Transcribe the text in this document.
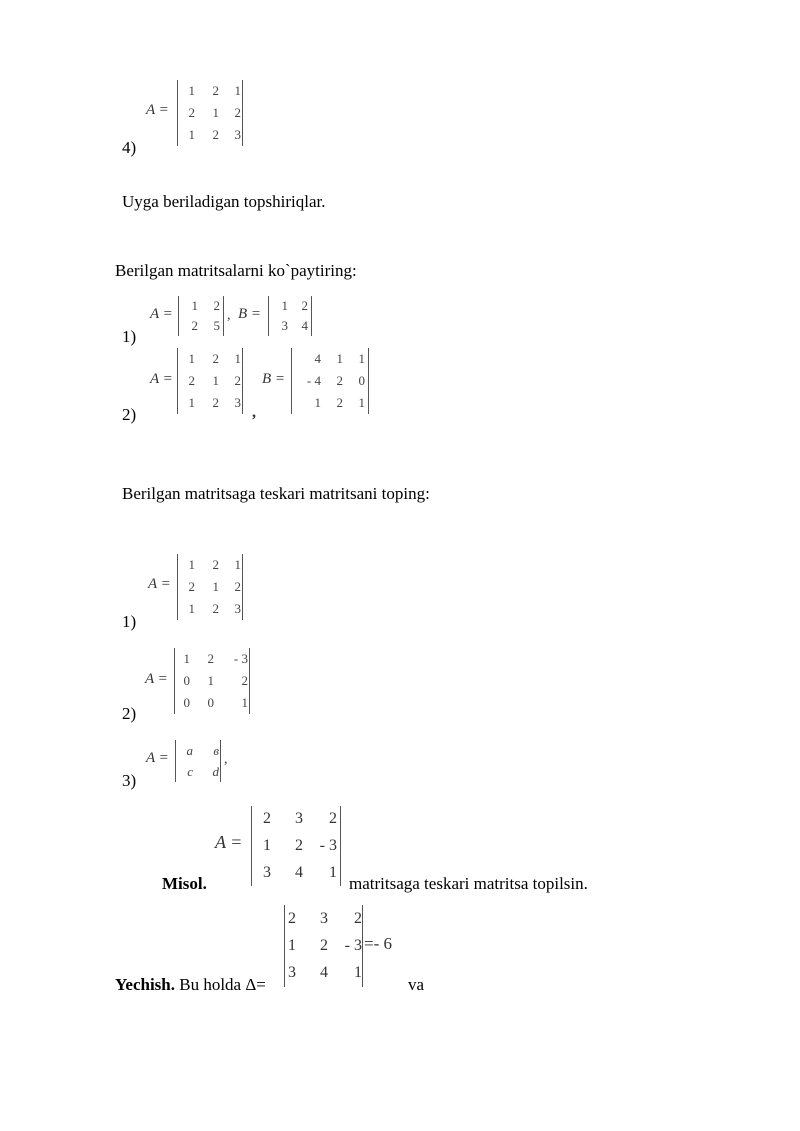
A =
1	2	1
2	1	2
1	2	3
4)
Uyga beriladigan topshiriqlar.
Berilgan matritsalarni ko`paytiring:
A =
1	2
2	5
, B =
1	2
3	4
1)
A =
1	2	1
2	1	2
1	2	3
,
B =
4	1	1
- 4	2	0
1	2	1
2)
Berilgan matritsaga teskari matritsani toping:
A =
1	2	1
2	1	2
1	2	3
1)
A =
1	2	- 3
0	1	2
0	0	1
2)
A =	a	в
c	d
,
3)
A =
2	3	2
1	2	- 3
3	4	1
Misol.	matritsaga teskari matritsa topilsin.
Yechish. Bu holda Δ=
2	3	2
1	2	- 3
3	4	1
=- 6
va
